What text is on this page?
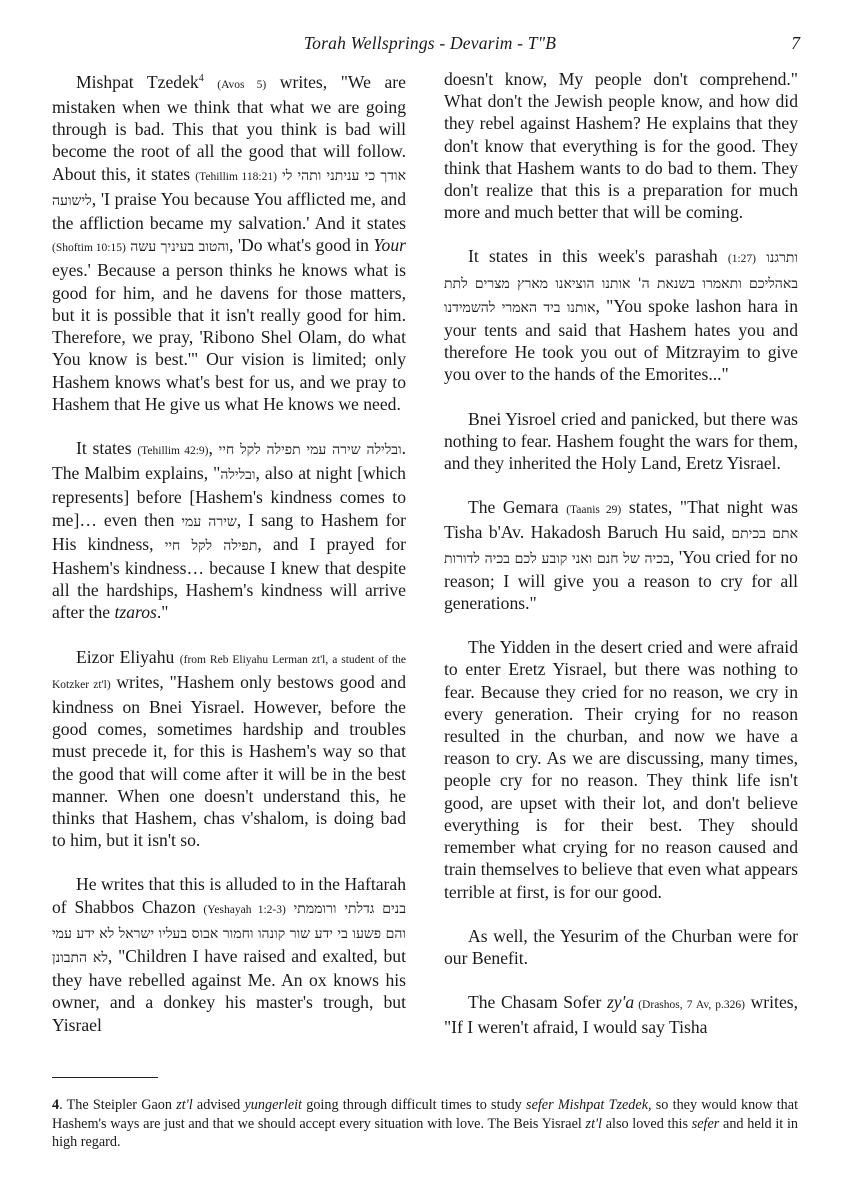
Torah Wellsprings - Devarim - T"B	7

Mishpat Tzedek$^4$ (Avos 5) writes, "We are mistaken when we think that what we are going through is bad. This that you think is bad will become the root of all the good that will follow. About this, it states (Tehillim 118:21) אודך כי עניתני ותהי לי לישועה, 'I praise You because You afflicted me, and the affliction became my salvation.' And it states (Shoftim 10:15) והטוב בעיניך עשה, 'Do what's good in Your eyes.' Because a person thinks he knows what is good for him, and he davens for those matters, but it is possible that it isn't really good for him. Therefore, we pray, 'Ribono Shel Olam, do what You know is best.'" Our vision is limited; only Hashem knows what's best for us, and we pray to Hashem that He give us what He knows we need.

It states (Tehillim 42:9), ובלילה שירה עמי תפילה לקל חיי. The Malbim explains, "ובלילה, also at night [which represents] before [Hashem's kindness comes to me]… even then שירה עמי, I sang to Hashem for His kindness, תפילה לקל חיי, and I prayed for Hashem's kindness… because I knew that despite all the hardships, Hashem's kindness will arrive after the tzaros."

Eizor Eliyahu (from Reb Eliyahu Lerman zt'l, a student of the Kotzker zt'l) writes, "Hashem only bestows good and kindness on Bnei Yisrael. However, before the good comes, sometimes hardship and troubles must precede it, for this is Hashem's way so that the good that will come after it will be in the best manner. When one doesn't understand this, he thinks that Hashem, chas v'shalom, is doing bad to him, but it isn't so.

He writes that this is alluded to in the Haftarah of Shabbos Chazon (Yeshayah 1:2-3) בנים גדלתי ורוממתי והם פשעו בי ידע שור קונהו וחמור אבוס בעליו ישראל לא ידע עמי לא התבונן, "Children I have raised and exalted, but they have rebelled against Me. An ox knows his owner, and a donkey his master's trough, but Yisrael

doesn't know, My people don't comprehend." What don't the Jewish people know, and how did they rebel against Hashem? He explains that they don't know that everything is for the good. They think that Hashem wants to do bad to them. They don't realize that this is a preparation for much more and much better that will be coming.

It states in this week's parashah (1:27) ותרגנו באהליכם ותאמרו בשנאת ה' אותנו הוציאנו מארץ מצרים לתת אותנו ביד האמרי להשמידנו, "You spoke lashon hara in your tents and said that Hashem hates you and therefore He took you out of Mitzrayim to give you over to the hands of the Emorites..."

Bnei Yisroel cried and panicked, but there was nothing to fear. Hashem fought the wars for them, and they inherited the Holy Land, Eretz Yisrael.

The Gemara (Taanis 29) states, "That night was Tisha b'Av. Hakadosh Baruch Hu said, אתם בכיתם בכיה של חנם ואני קובע לכם בכיה לדורות, 'You cried for no reason; I will give you a reason to cry for all generations."

The Yidden in the desert cried and were afraid to enter Eretz Yisrael, but there was nothing to fear. Because they cried for no reason, we cry in every generation. Their crying for no reason resulted in the churban, and now we have a reason to cry. As we are discussing, many times, people cry for no reason. They think life isn't good, are upset with their lot, and don't believe everything is for their best. They should remember what crying for no reason caused and train themselves to believe that even what appears terrible at first, is for our good.

As well, the Yesurim of the Churban were for our Benefit.

The Chasam Sofer zy'a (Drashos, 7 Av, p.326) writes, "If I weren't afraid, I would say Tisha

4. The Steipler Gaon zt'l advised yungerleit going through difficult times to study sefer Mishpat Tzedek, so they would know that Hashem's ways are just and that we should accept every situation with love. The Beis Yisrael zt'l also loved this sefer and held it in high regard.
